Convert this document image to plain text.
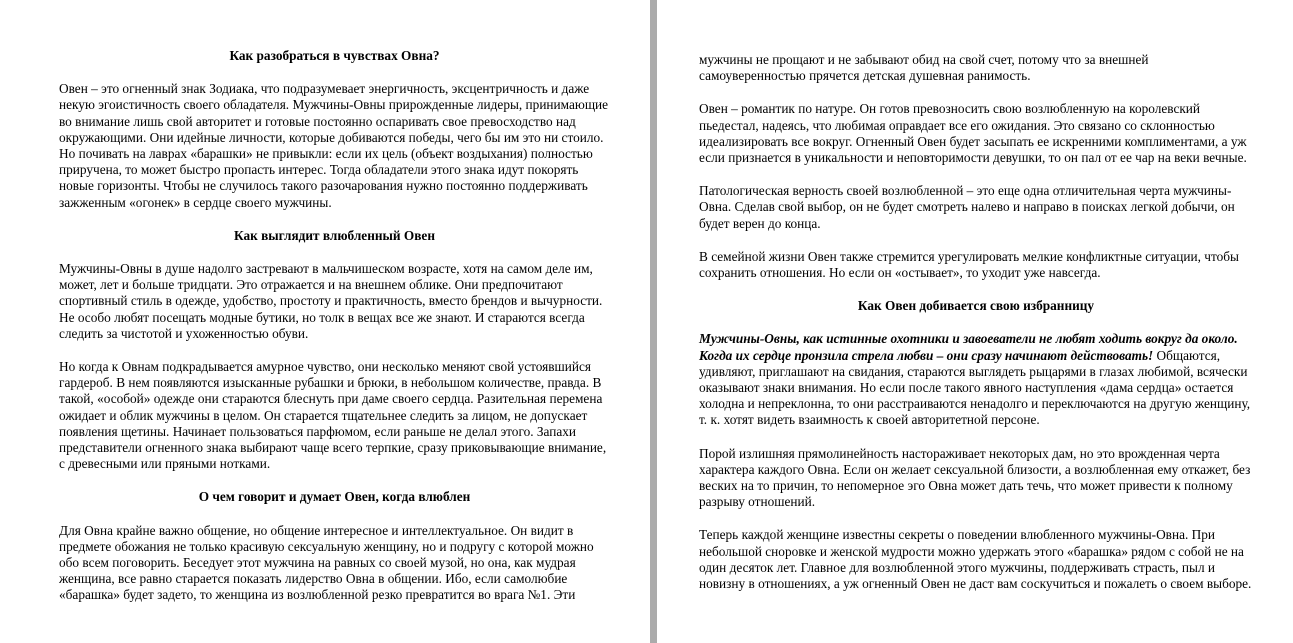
Как разобраться в чувствах Овна?
Овен – это огненный знак Зодиака, что подразумевает энергичность, эксцентричность и даже некую эгоистичность своего обладателя. Мужчины-Овны прирожденные лидеры, принимающие во внимание лишь свой авторитет и готовые постоянно оспаривать свое превосходство над окружающими. Они идейные личности, которые добиваются победы, чего бы им это ни стоило. Но почивать на лаврах «барашки» не привыкли: если их цель (объект воздыхания) полностью приручена, то может быстро пропасть интерес. Тогда обладатели этого знака идут покорять новые горизонты. Чтобы не случилось такого разочарования нужно постоянно поддерживать зажженным «огонек» в сердце своего мужчины.
Как выглядит влюбленный Овен
Мужчины-Овны в душе надолго застревают в мальчишеском возрасте, хотя на самом деле им, может, лет и больше тридцати. Это отражается и на внешнем облике. Они предпочитают спортивный стиль в одежде, удобство, простоту и практичность, вместо брендов и вычурности. Не особо любят посещать модные бутики, но толк в вещах все же знают. И стараются всегда следить за чистотой и ухоженностью обуви.
Но когда к Овнам подкрадывается амурное чувство, они несколько меняют свой устоявшийся гардероб. В нем появляются изысканные рубашки и брюки, в небольшом количестве, правда. В такой, «особой» одежде они стараются блеснуть при даме своего сердца. Разительная перемена ожидает и облик мужчины в целом. Он старается тщательнее следить за лицом, не допускает появления щетины. Начинает пользоваться парфюмом, если раньше не делал этого. Запахи представители огненного знака выбирают чаще всего терпкие, сразу приковывающие внимание, с древесными или пряными нотками.
О чем говорит и думает Овен, когда влюблен
Для Овна крайне важно общение, но общение интересное и интеллектуальное. Он видит в предмете обожания не только красивую сексуальную женщину, но и подругу с которой можно обо всем поговорить. Беседует этот мужчина на равных со своей музой, но она, как мудрая женщина, все равно старается показать лидерство Овна в общении. Ибо, если самолюбие «барашка» будет задето, то женщина из возлюбленной резко превратится во врага №1. Эти
мужчины не прощают и не забывают обид на свой счет, потому что за внешней самоуверенностью прячется детская душевная ранимость.
Овен – романтик по натуре. Он готов превозносить свою возлюбленную на королевский пьедестал, надеясь, что любимая оправдает все его ожидания. Это связано со склонностью идеализировать все вокруг. Огненный Овен будет засыпать ее искренними комплиментами, а уж если признается в уникальности и неповторимости девушки, то он пал от ее чар на веки вечные.
Патологическая верность своей возлюбленной – это еще одна отличительная черта мужчины-Овна. Сделав свой выбор, он не будет смотреть налево и направо в поисках легкой добычи, он будет верен до конца.
В семейной жизни Овен также стремится урегулировать мелкие конфликтные ситуации, чтобы сохранить отношения. Но если он «остывает», то уходит уже навсегда.
Как Овен добивается свою избранницу
Мужчины-Овны, как истинные охотники и завоеватели не любят ходить вокруг да около. Когда их сердце пронзила стрела любви – они сразу начинают действовать! Общаются, удивляют, приглашают на свидания, стараются выглядеть рыцарями в глазах любимой, всячески оказывают знаки внимания. Но если после такого явного наступления «дама сердца» остается холодна и непреклонна, то они расстраиваются ненадолго и переключаются на другую женщину, т. к. хотят видеть взаимность к своей авторитетной персоне.
Порой излишняя прямолинейность настораживает некоторых дам, но это врожденная черта характера каждого Овна. Если он желает сексуальной близости, а возлюбленная ему откажет, без веских на то причин, то непомерное эго Овна может дать течь, что может привести к полному разрыву отношений.
Теперь каждой женщине известны секреты о поведении влюбленного мужчины-Овна. При небольшой сноровке и женской мудрости можно удержать этого «барашка» рядом с собой не на один десяток лет. Главное для возлюбленной этого мужчины, поддерживать страсть, пыл и новизну в отношениях, а уж огненный Овен не даст вам соскучиться и пожалеть о своем выборе.
